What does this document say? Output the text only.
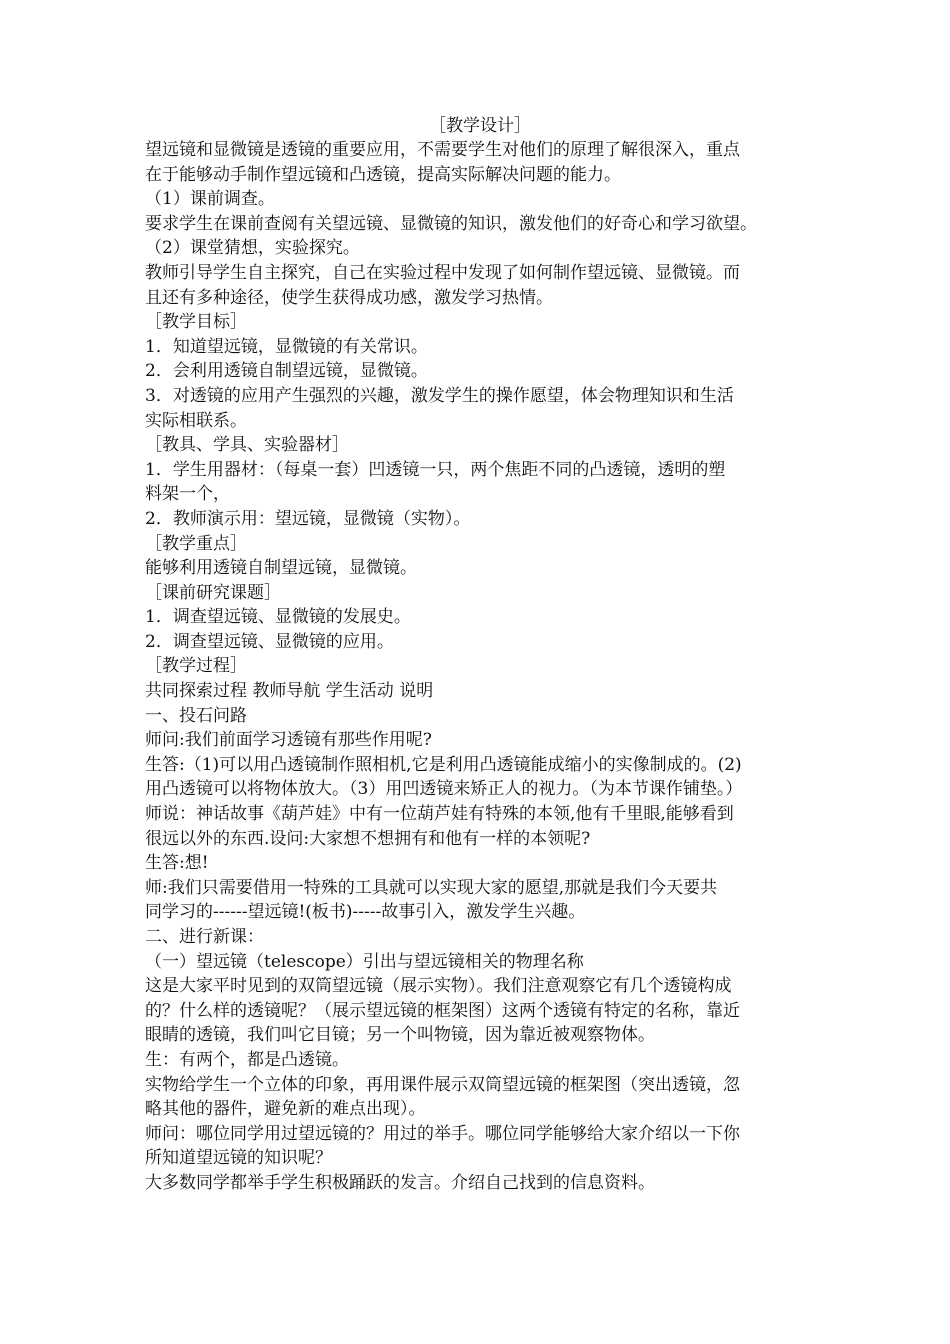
［教学设计］
望远镜和显微镜是透镜的重要应用，不需要学生对他们的原理了解很深入，重点
在于能够动手制作望远镜和凸透镜，提高实际解决问题的能力。
（1）课前调查。
要求学生在课前查阅有关望远镜、显微镜的知识，激发他们的好奇心和学习欲望。
（2）课堂猜想，实验探究。
教师引导学生自主探究，自己在实验过程中发现了如何制作望远镜、显微镜。而
且还有多种途径，使学生获得成功感，激发学习热情。
［教学目标］
1．知道望远镜，显微镜的有关常识。
2．会利用透镜自制望远镜，显微镜。
3．对透镜的应用产生强烈的兴趣，激发学生的操作愿望，体会物理知识和生活
实际相联系。
［教具、学具、实验器材］
1．学生用器材：（每桌一套）凹透镜一只，两个焦距不同的凸透镜，透明的塑
料架一个，
2．教师演示用：望远镜，显微镜（实物）。
［教学重点］
能够利用透镜自制望远镜，显微镜。
［课前研究课题］
1．调查望远镜、显微镜的发展史。
2．调查望远镜、显微镜的应用。
［教学过程］
共同探索过程 教师导航 学生活动 说明
一、投石问路
师问:我们前面学习透镜有那些作用呢?
生答:（1)可以用凸透镜制作照相机,它是利用凸透镜能成缩小的实像制成的。(2)
用凸透镜可以将物体放大。（3）用凹透镜来矫正人的视力。（为本节课作铺垫。）
师说：神话故事《葫芦娃》中有一位葫芦娃有特殊的本领,他有千里眼,能够看到
很远以外的东西.设问:大家想不想拥有和他有一样的本领呢?
生答:想!
师:我们只需要借用一特殊的工具就可以实现大家的愿望,那就是我们今天要共
同学习的------望远镜!(板书)-----故事引入，激发学生兴趣。
二、进行新课：
（一）望远镜（telescope）引出与望远镜相关的物理名称
这是大家平时见到的双筒望远镜（展示实物）。我们注意观察它有几个透镜构成
的？什么样的透镜呢？（展示望远镜的框架图）这两个透镜有特定的名称，靠近
眼睛的透镜，我们叫它目镜；另一个叫物镜，因为靠近被观察物体。
生：有两个，都是凸透镜。
实物给学生一个立体的印象，再用课件展示双筒望远镜的框架图（突出透镜，忽
略其他的器件，避免新的难点出现）。
师问：哪位同学用过望远镜的？用过的举手。哪位同学能够给大家介绍以一下你
所知道望远镜的知识呢？
大多数同学都举手学生积极踊跃的发言。介绍自己找到的信息资料。
